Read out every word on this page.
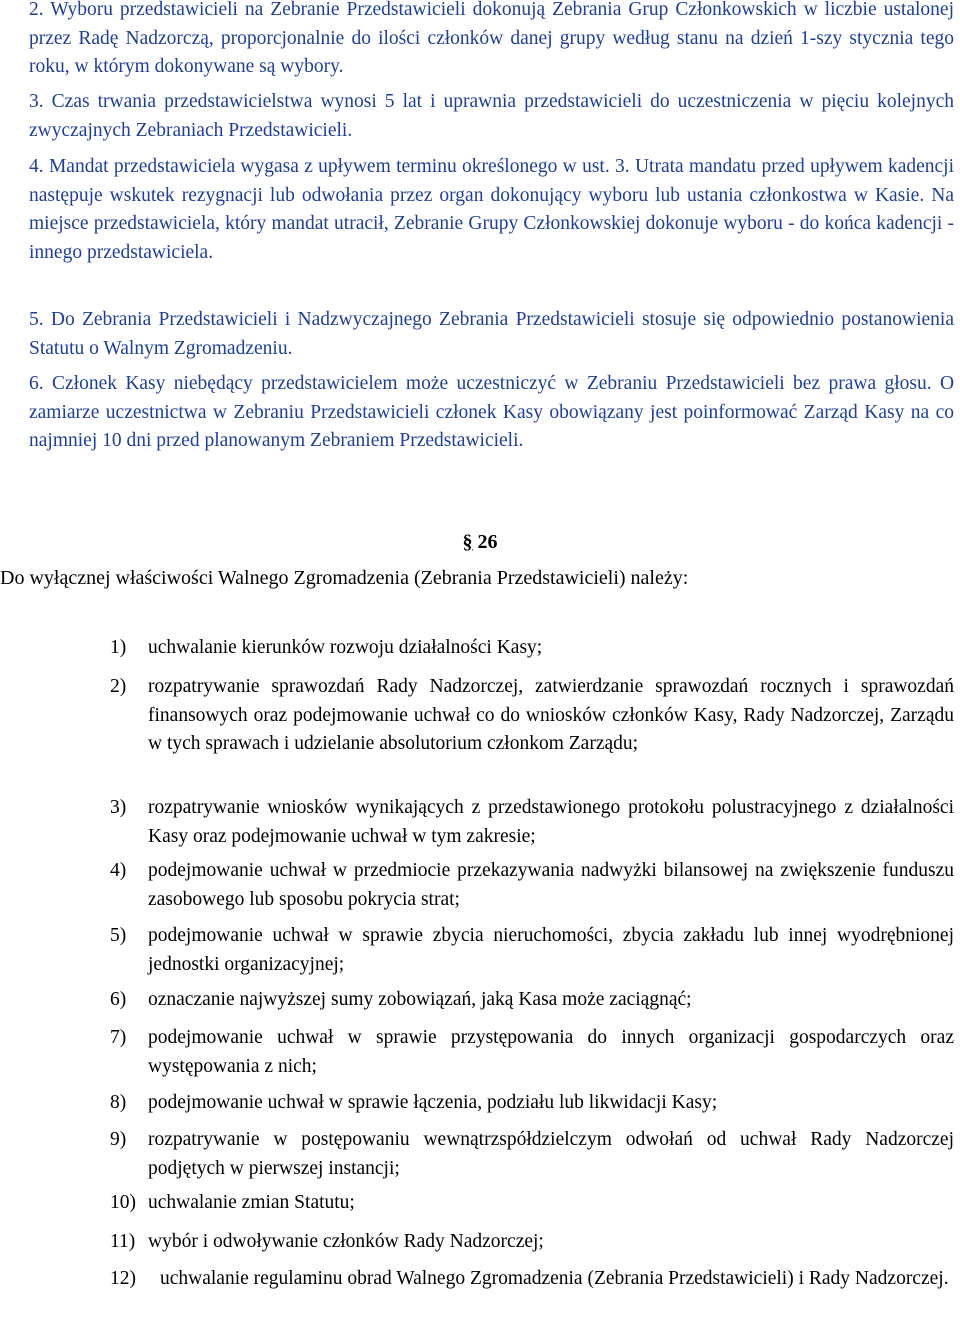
2. Wyboru przedstawicieli na Zebranie Przedstawicieli dokonują Zebrania Grup Członkowskich w liczbie ustalonej przez Radę Nadzorczą, proporcjonalnie do ilości członków danej grupy według stanu na dzień 1-szy stycznia tego roku, w którym dokonywane są wybory.

3. Czas trwania przedstawicielstwa wynosi 5 lat i uprawnia przedstawicieli do uczestniczenia w pięciu kolejnych zwyczajnych Zebraniach Przedstawicieli.

4. Mandat przedstawiciela wygasa z upływem terminu określonego w ust. 3. Utrata mandatu przed upływem kadencji następuje wskutek rezygnacji lub odwołania przez organ dokonujący wyboru lub ustania członkostwa w Kasie. Na miejsce przedstawiciela, który mandat utracił, Zebranie Grupy Członkowskiej dokonuje wyboru - do końca kadencji - innego przedstawiciela.

5. Do Zebrania Przedstawicieli i Nadzwyczajnego Zebrania Przedstawicieli stosuje się odpowiednio postanowienia Statutu o Walnym Zgromadzeniu.

6. Członek Kasy niebędący przedstawicielem może uczestniczyć w Zebraniu Przedstawicieli bez prawa głosu. O zamiarze uczestnictwa w Zebraniu Przedstawicieli członek Kasy obowiązany jest poinformować Zarząd Kasy na co najmniej 10 dni przed planowanym Zebraniem Przedstawicieli.

§ 26

Do wyłącznej właściwości Walnego Zgromadzenia (Zebrania Przedstawicieli) należy:

1) uchwalanie kierunków rozwoju działalności Kasy;
2) rozpatrywanie sprawozdań Rady Nadzorczej, zatwierdzanie sprawozdań rocznych i sprawozdań finansowych oraz podejmowanie uchwał co do wniosków członków Kasy, Rady Nadzorczej, Zarządu w tych sprawach i udzielanie absolutorium członkom Zarządu;
3) rozpatrywanie wniosków wynikających z przedstawionego protokołu polustracyjnego z działalności Kasy oraz podejmowanie uchwał w tym zakresie;
4) podejmowanie uchwał w przedmiocie przekazywania nadwyżki bilansowej na zwiększenie funduszu zasobowego lub sposobu pokrycia strat;
5) podejmowanie uchwał w sprawie zbycia nieruchomości, zbycia zakładu lub innej wyodrębnionej jednostki organizacyjnej;
6) oznaczanie najwyższej sumy zobowiązań, jaką Kasa może zaciągnąć;
7) podejmowanie uchwał w sprawie przystępowania do innych organizacji gospodarczych oraz występowania z nich;
8) podejmowanie uchwał w sprawie łączenia, podziału lub likwidacji Kasy;
9) rozpatrywanie w postępowaniu wewnątrzspółdzielczym odwołań od uchwał Rady Nadzorczej podjętych w pierwszej instancji;
10) uchwalanie zmian Statutu;
11) wybór i odwoływanie członków Rady Nadzorczej;
12) uchwalanie regulaminu obrad Walnego Zgromadzenia (Zebrania Przedstawicieli) i Rady Nadzorczej.
